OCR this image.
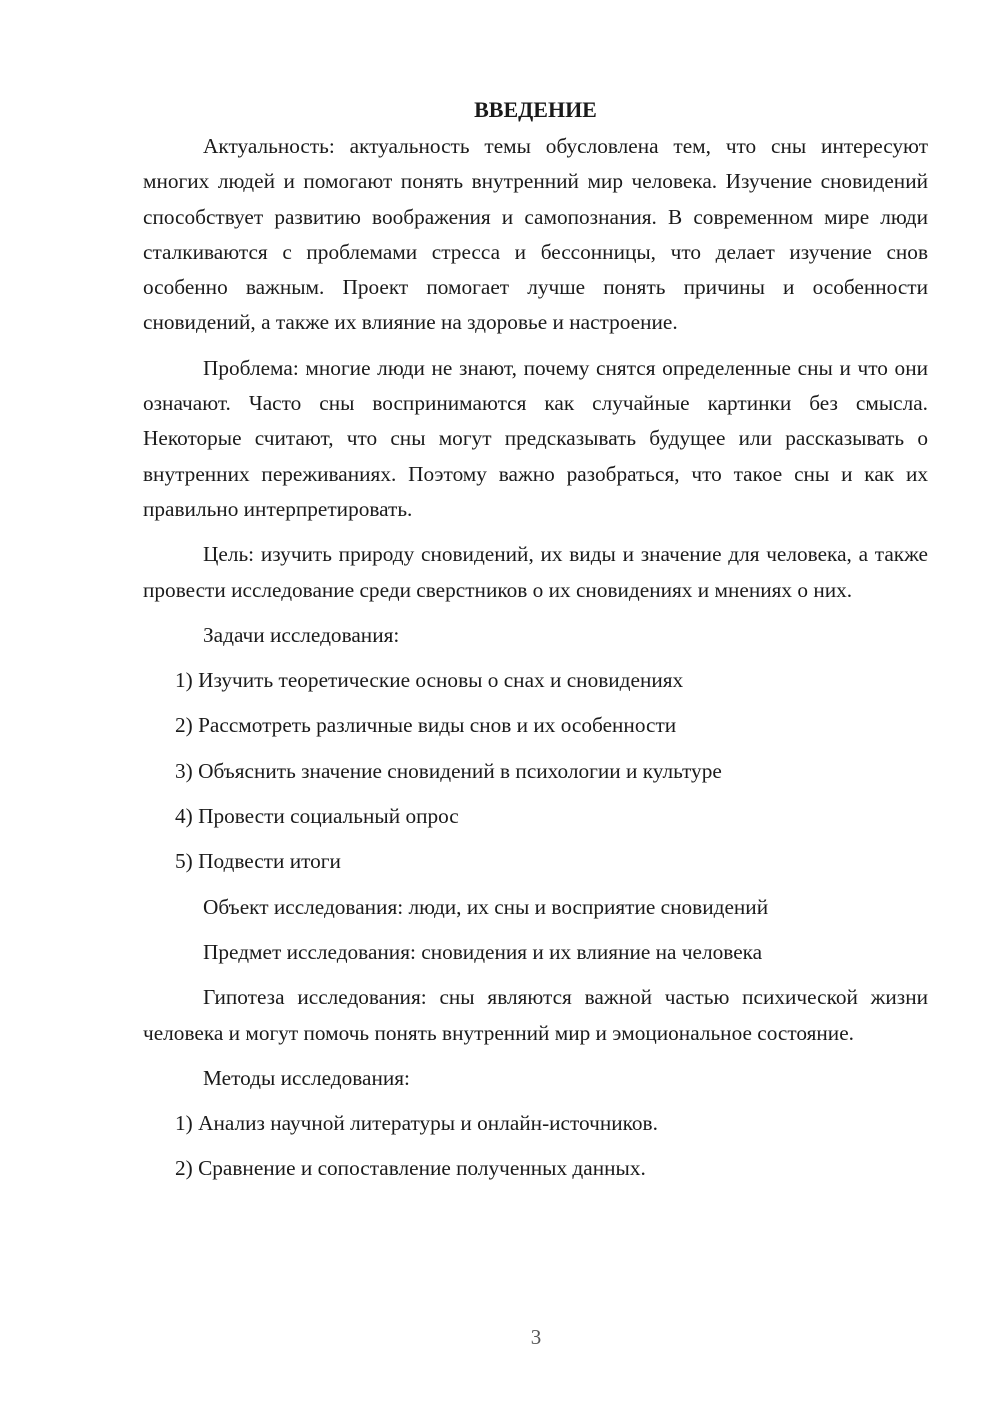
ВВЕДЕНИЕ

Актуальность: актуальность темы обусловлена тем, что сны интересуют многих людей и помогают понять внутренний мир человека. Изучение сновидений способствует развитию воображения и самопознания. В современном мире люди сталкиваются с проблемами стресса и бессонницы, что делает изучение снов особенно важным. Проект помогает лучше понять причины и особенности сновидений, а также их влияние на здоровье и настроение.

Проблема: многие люди не знают, почему снятся определенные сны и что они означают. Часто сны воспринимаются как случайные картинки без смысла. Некоторые считают, что сны могут предсказывать будущее или рассказывать о внутренних переживаниях. Поэтому важно разобраться, что такое сны и как их правильно интерпретировать.

Цель: изучить природу сновидений, их виды и значение для человека, а также провести исследование среди сверстников о их сновидениях и мнениях о них.

Задачи исследования:
1) Изучить теоретические основы о снах и сновидениях
2) Рассмотреть различные виды снов и их особенности
3) Объяснить значение сновидений в психологии и культуре
4) Провести социальный опрос
5) Подвести итоги
Объект исследования: люди, их сны и восприятие сновидений
Предмет исследования: сновидения и их влияние на человека

Гипотеза исследования: сны являются важной частью психической жизни человека и могут помочь понять внутренний мир и эмоциональное состояние.

Методы исследования:
1) Анализ научной литературы и онлайн-источников.
2) Сравнение и сопоставление полученных данных.
3
